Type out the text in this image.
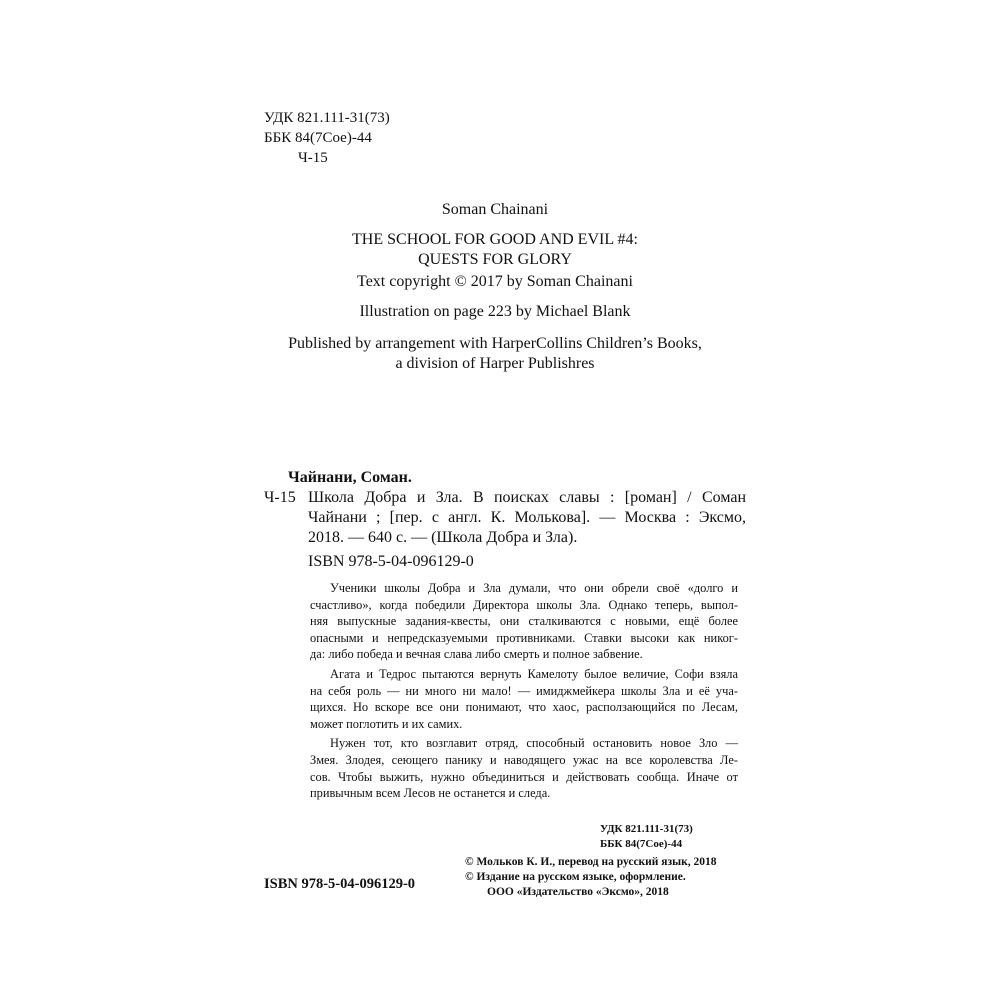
УДК 821.111-31(73)
ББК 84(7Сое)-44
Ч-15
Soman Chainani
THE SCHOOL FOR GOOD AND EVIL #4:
QUESTS FOR GLORY
Text copyright © 2017 by Soman Chainani
Illustration on page 223 by Michael Blank
Published by arrangement with HarperCollins Children’s Books,
a division of Harper Publishres
Чайнани, Соман.
Ч-15 Школа Добра и Зла. В поисках славы : [роман] / Соман
Чайнани ; [пер. с англ. К. Молькова]. — Москва : Эксмо,
2018. — 640 с. — (Школа Добра и Зла).
ISBN 978-5-04-096129-0

Ученики школы Добра и Зла думали, что они обрели своё «долго и
счастливо», когда победили Директора школы Зла. Однако теперь, выпол-
няя выпускные задания-квесты, они сталкиваются с новыми, ещё более
опасными и непредсказуемыми противниками. Ставки высоки как никог-
да: либо победа и вечная слава либо смерть и полное забвение.

Агата и Тедрос пытаются вернуть Камелоту былое величие, Софи взяла
на себя роль — ни много ни мало! — имиджмейкера школы Зла и её уча-
щихся. Но вскоре все они понимают, что хаос, расползающийся по Лесам,
может поглотить и их самих.

Нужен тот, кто возглавит отряд, способный остановить новое Зло —
Змея. Злодея, сеющего панику и наводящего ужас на все королевства Ле-
сов. Чтобы выжить, нужно объединиться и действовать сообща. Иначе от
привычным всем Лесов не останется и следа.

УДК 821.111-31(73)
ББК 84(7Сое)-44
ISBN 978-5-04-096129-0
© Мольков К. И., перевод на русский язык, 2018
© Издание на русском языке, оформление.
ООО «Издательство «Эксмо», 2018
